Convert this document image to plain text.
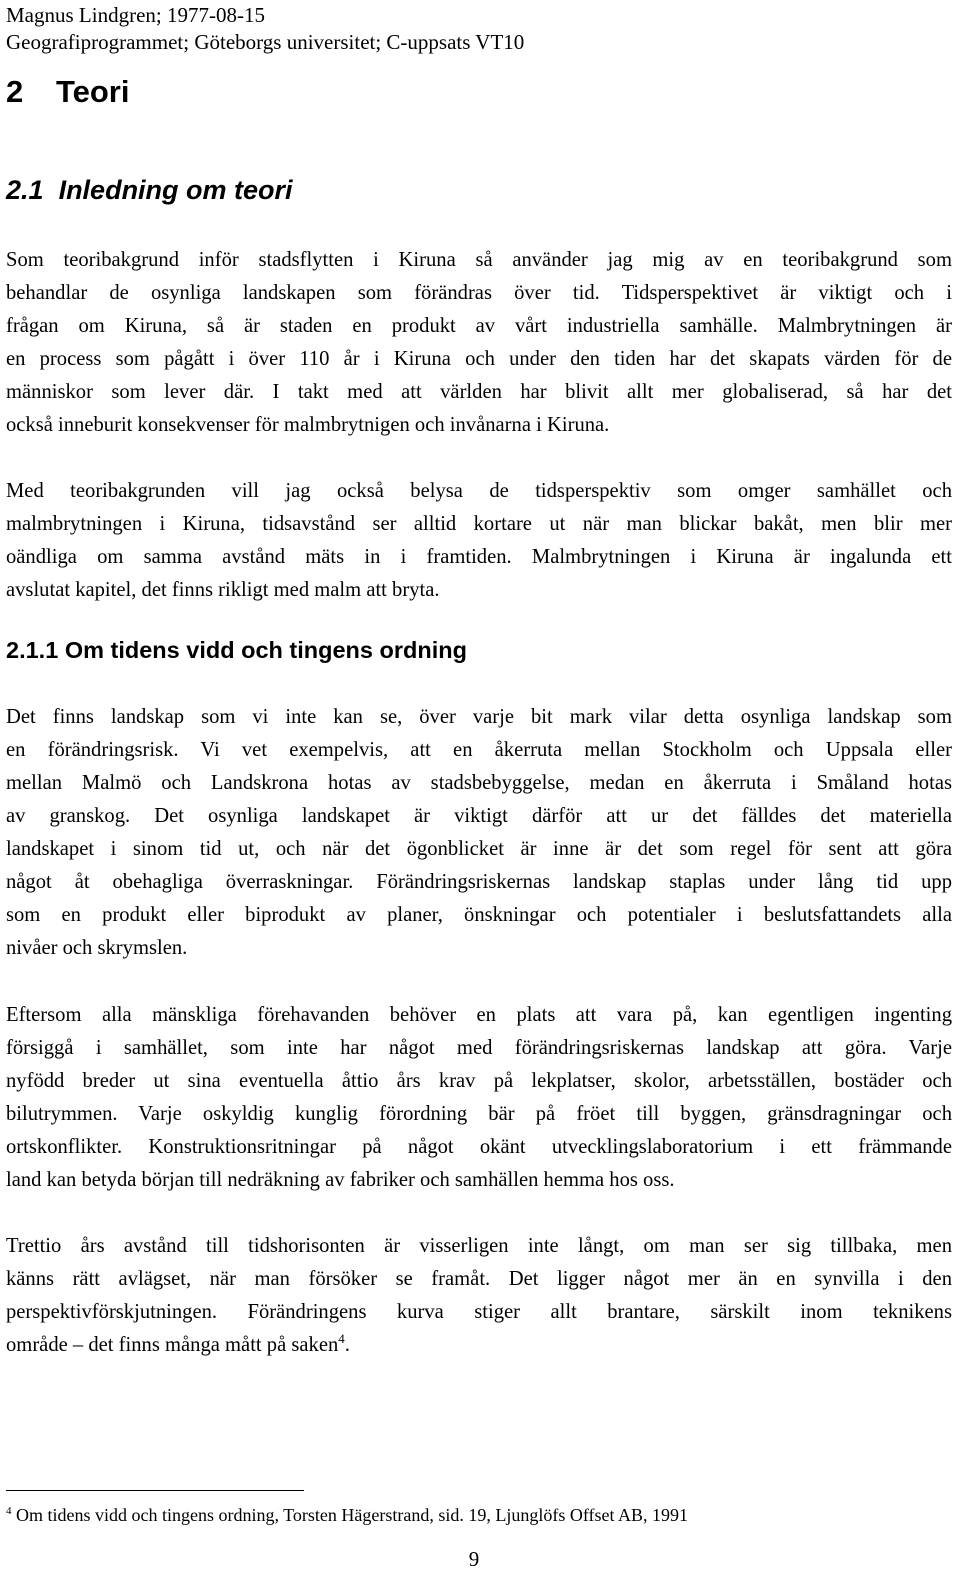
Magnus Lindgren; 1977-08-15
Geografiprogrammet; Göteborgs universitet; C-uppsats VT10
2 Teori
2.1 Inledning om teori
Som teoribakgrund inför stadsflytten i Kiruna så använder jag mig av en teoribakgrund som
behandlar de osynliga landskapen som förändras över tid. Tidsperspektivet är viktigt och i
frågan om Kiruna, så är staden en produkt av vårt industriella samhälle. Malmbrytningen är
en process som pågått i över 110 år i Kiruna och under den tiden har det skapats värden för de
människor som lever där. I takt med att världen har blivit allt mer globaliserad, så har det
också inneburit konsekvenser för malmbrytnigen och invånarna i Kiruna.
Med teoribakgrunden vill jag också belysa de tidsperspektiv som omger samhället och
malmbrytningen i Kiruna, tidsavstånd ser alltid kortare ut när man blickar bakåt, men blir mer
oändliga om samma avstånd mäts in i framtiden. Malmbrytningen i Kiruna är ingalunda ett
avslutat kapitel, det finns rikligt med malm att bryta.
2.1.1 Om tidens vidd och tingens ordning
Det finns landskap som vi inte kan se, över varje bit mark vilar detta osynliga landskap som
en förändringsrisk. Vi vet exempelvis, att en åkerruta mellan Stockholm och Uppsala eller
mellan Malmö och Landskrona hotas av stadsbebyggelse, medan en åkerruta i Småland hotas
av granskog. Det osynliga landskapet är viktigt därför att ur det fälldes det materiella
landskapet i sinom tid ut, och när det ögonblicket är inne är det som regel för sent att göra
något åt obehagliga överraskningar. Förändringsriskernas landskap staplas under lång tid upp
som en produkt eller biprodukt av planer, önskningar och potentialer i beslutsfattandets alla
nivåer och skrymslen.
Eftersom alla mänskliga förehavanden behöver en plats att vara på, kan egentligen ingenting
försiggå i samhället, som inte har något med förändringsriskernas landskap att göra. Varje
nyfödd breder ut sina eventuella åttio års krav på lekplatser, skolor, arbetsställen, bostäder och
bilutrymmen. Varje oskyldig kunglig förordning bär på fröet till byggen, gränsdragningar och
ortskonflikter. Konstruktionsritningar på något okänt utvecklingslaboratorium i ett främmande
land kan betyda början till nedräkning av fabriker och samhällen hemma hos oss.
Trettio års avstånd till tidshorisonten är visserligen inte långt, om man ser sig tillbaka, men
känns rätt avlägset, när man försöker se framåt. Det ligger något mer än en synvilla i den
perspektivförskjutningen. Förändringens kurva stiger allt brantare, särskilt inom teknikens
område – det finns många mått på saken$^4$.
$^4$ Om tidens vidd och tingens ordning, Torsten Hägerstrand, sid. 19, Ljunglöfs Offset AB, 1991
9
